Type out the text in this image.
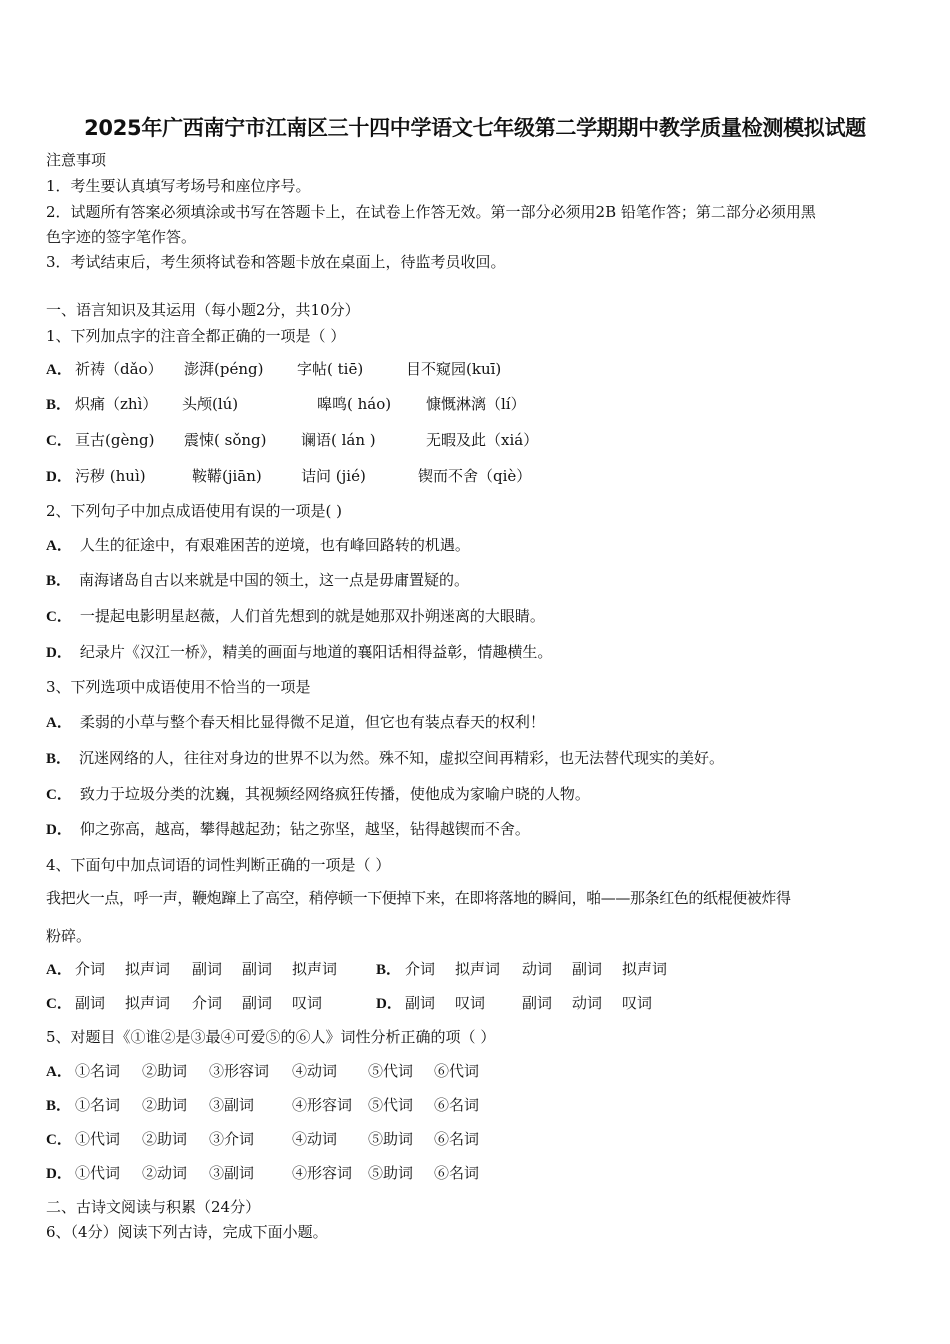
2025年广西南宁市江南区三十四中学语文七年级第二学期期中教学质量检测模拟试题
注意事项
1．考生要认真填写考场号和座位序号。
2．试题所有答案必须填涂或书写在答题卡上，在试卷上作答无效。第一部分必须用2B 铅笔作答；第二部分必须用黑
色字迹的签字笔作答。
3．考试结束后，考生须将试卷和答题卡放在桌面上，待监考员收回。
一、语言知识及其运用（每小题2分，共10分）
1、下列加点字的注音全都正确的一项是（ ）
A． 祈祷（dǎo） 澎湃(péng) 字帖( tiē)	目不窥园(kuī)
B． 炽痛（zhì） 头颅(lú)	嗥鸣( háo) 慷慨淋漓（lí）
C． 亘古(gèng) 震悚( sǒng) 谰语( lán )	无暇及此（xiá）
D． 污秽 (huì)	鞍鞯(jiān)	诘问 (jié)	锲而不舍（qiè）
2、下列句子中加点成语使用有误的一项是( )
A． 人生的征途中，有艰难困苦的逆境，也有峰回路转的机遇。
B． 南海诸岛自古以来就是中国的领土，这一点是毋庸置疑的。
C． 一提起电影明星赵薇，人们首先想到的就是她那双扑朔迷离的大眼睛。
D． 纪录片《汉江一桥》，精美的画面与地道的襄阳话相得益彰，情趣横生。
3、下列选项中成语使用不恰当的一项是
A． 柔弱的小草与整个春天相比显得微不足道，但它也有装点春天的权利！
B． 沉迷网络的人，往往对身边的世界不以为然。殊不知，虚拟空间再精彩，也无法替代现实的美好。
C． 致力于垃圾分类的沈巍，其视频经网络疯狂传播，使他成为家喻户晓的人物。
D． 仰之弥高，越高，攀得越起劲；钻之弥坚，越坚，钻得越锲而不舍。
4、下面句中加点词语的词性判断正确的一项是（ ）
我把火一点，呼一声，鞭炮蹿上了高空，稍停顿一下便掉下来，在即将落地的瞬间，啪——那条红色的纸棍便被炸得
粉碎。
A． 介词 拟声词 副词 副词 拟声词	B． 介词 拟声词 动词 副词 拟声词
C． 副词 拟声词 介词 副词 叹词	D． 副词 叹词 副词 动词 叹词
5、对题目《①谁②是③最④可爱⑤的⑥人》词性分析正确的项（ ）
A． ①名词 ②助词 ③形容词 ④动词 ⑤代词 ⑥代词
B． ①名词 ②助词 ③副词	④形容词 ⑤代词 ⑥名词
C． ①代词 ②助词 ③介词	④动词 ⑤助词 ⑥名词
D． ①代词 ②动词 ③副词	④形容词 ⑤助词 ⑥名词
二、古诗文阅读与积累（24分）
6、（4分）阅读下列古诗，完成下面小题。
